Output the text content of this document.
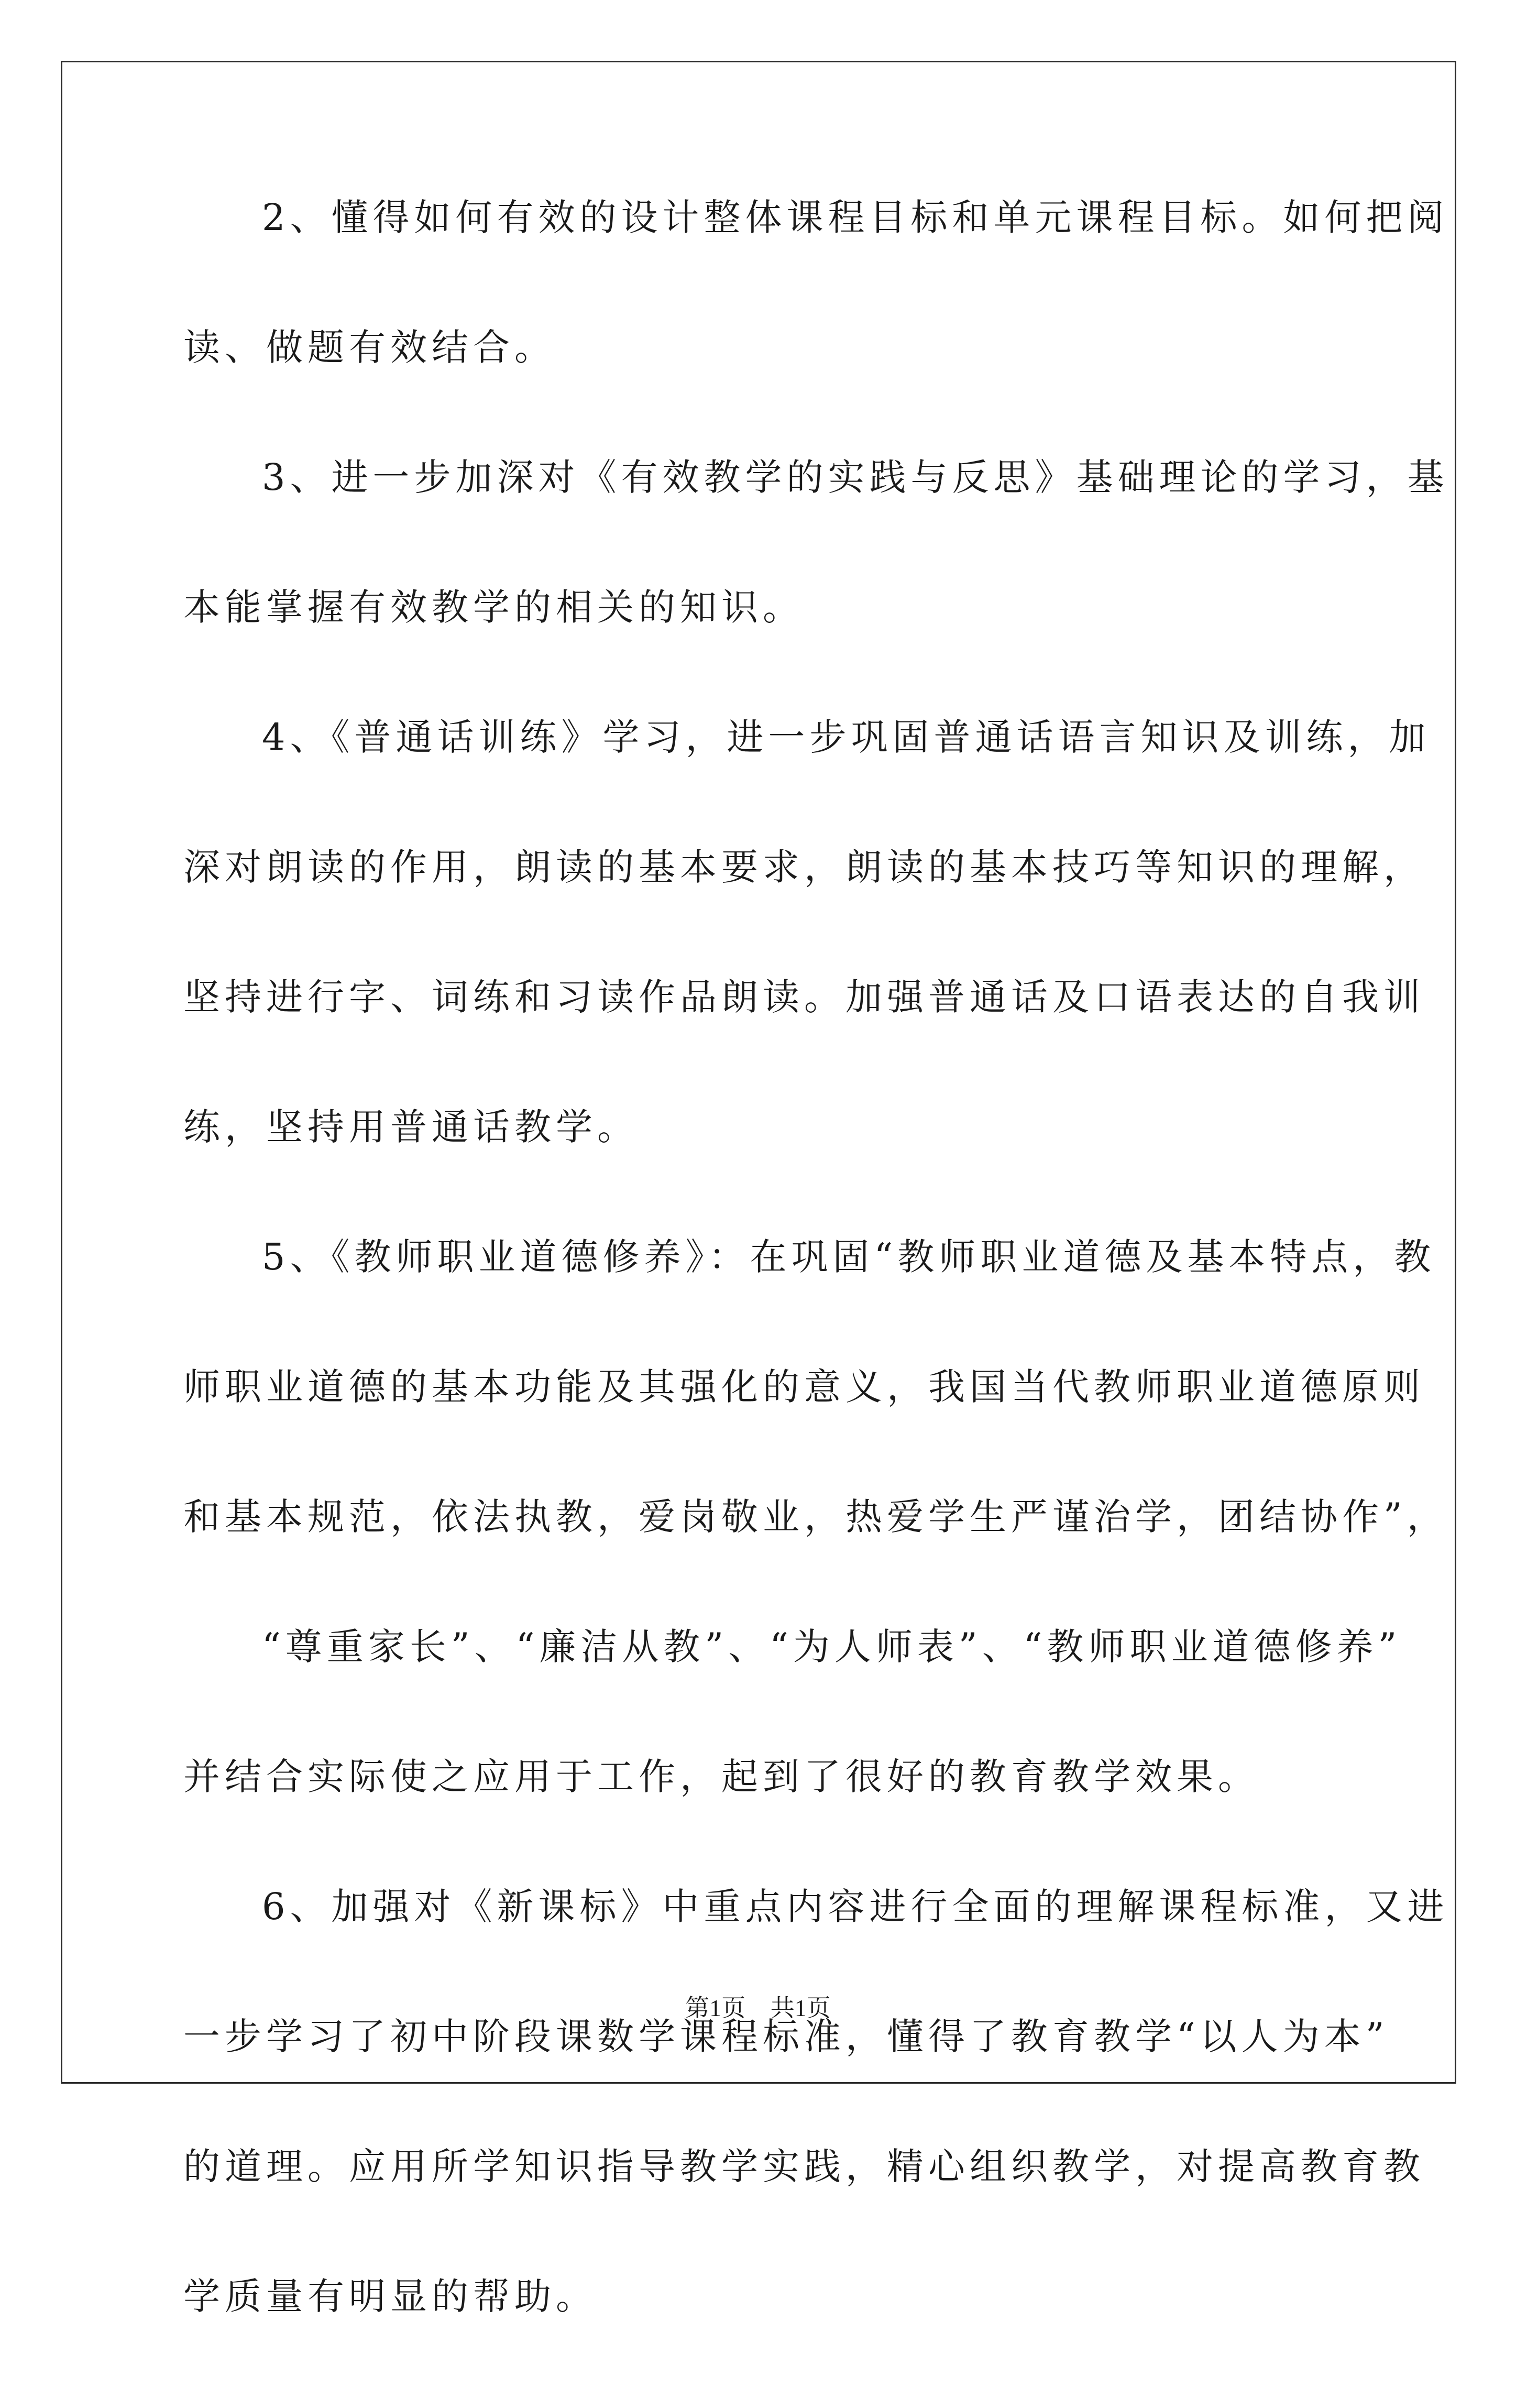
2、懂得如何有效的设计整体课程目标和单元课程目标。如何把阅
读、做题有效结合。
3、进一步加深对《有效教学的实践与反思》基础理论的学习，基
本能掌握有效教学的相关的知识。
4、《普通话训练》学习，进一步巩固普通话语言知识及训练，加
深对朗读的作用，朗读的基本要求，朗读的基本技巧等知识的理解，
坚持进行字、词练和习读作品朗读。加强普通话及口语表达的自我训
练，坚持用普通话教学。
5、《教师职业道德修养》：在巩固“教师职业道德及基本特点，教
师职业道德的基本功能及其强化的意义，我国当代教师职业道德原则
和基本规范，依法执教，爱岗敬业，热爱学生严谨治学，团结协作”，
“尊重家长”、“廉洁从教”、“为人师表”、“教师职业道德修养”
并结合实际使之应用于工作，起到了很好的教育教学效果。
6、加强对《新课标》中重点内容进行全面的理解课程标准，又进
一步学习了初中阶段课数学课程标准，懂得了教育教学“以人为本”
的道理。应用所学知识指导教学实践，精心组织教学，对提高教育教
学质量有明显的帮助。
第1页 共1页
